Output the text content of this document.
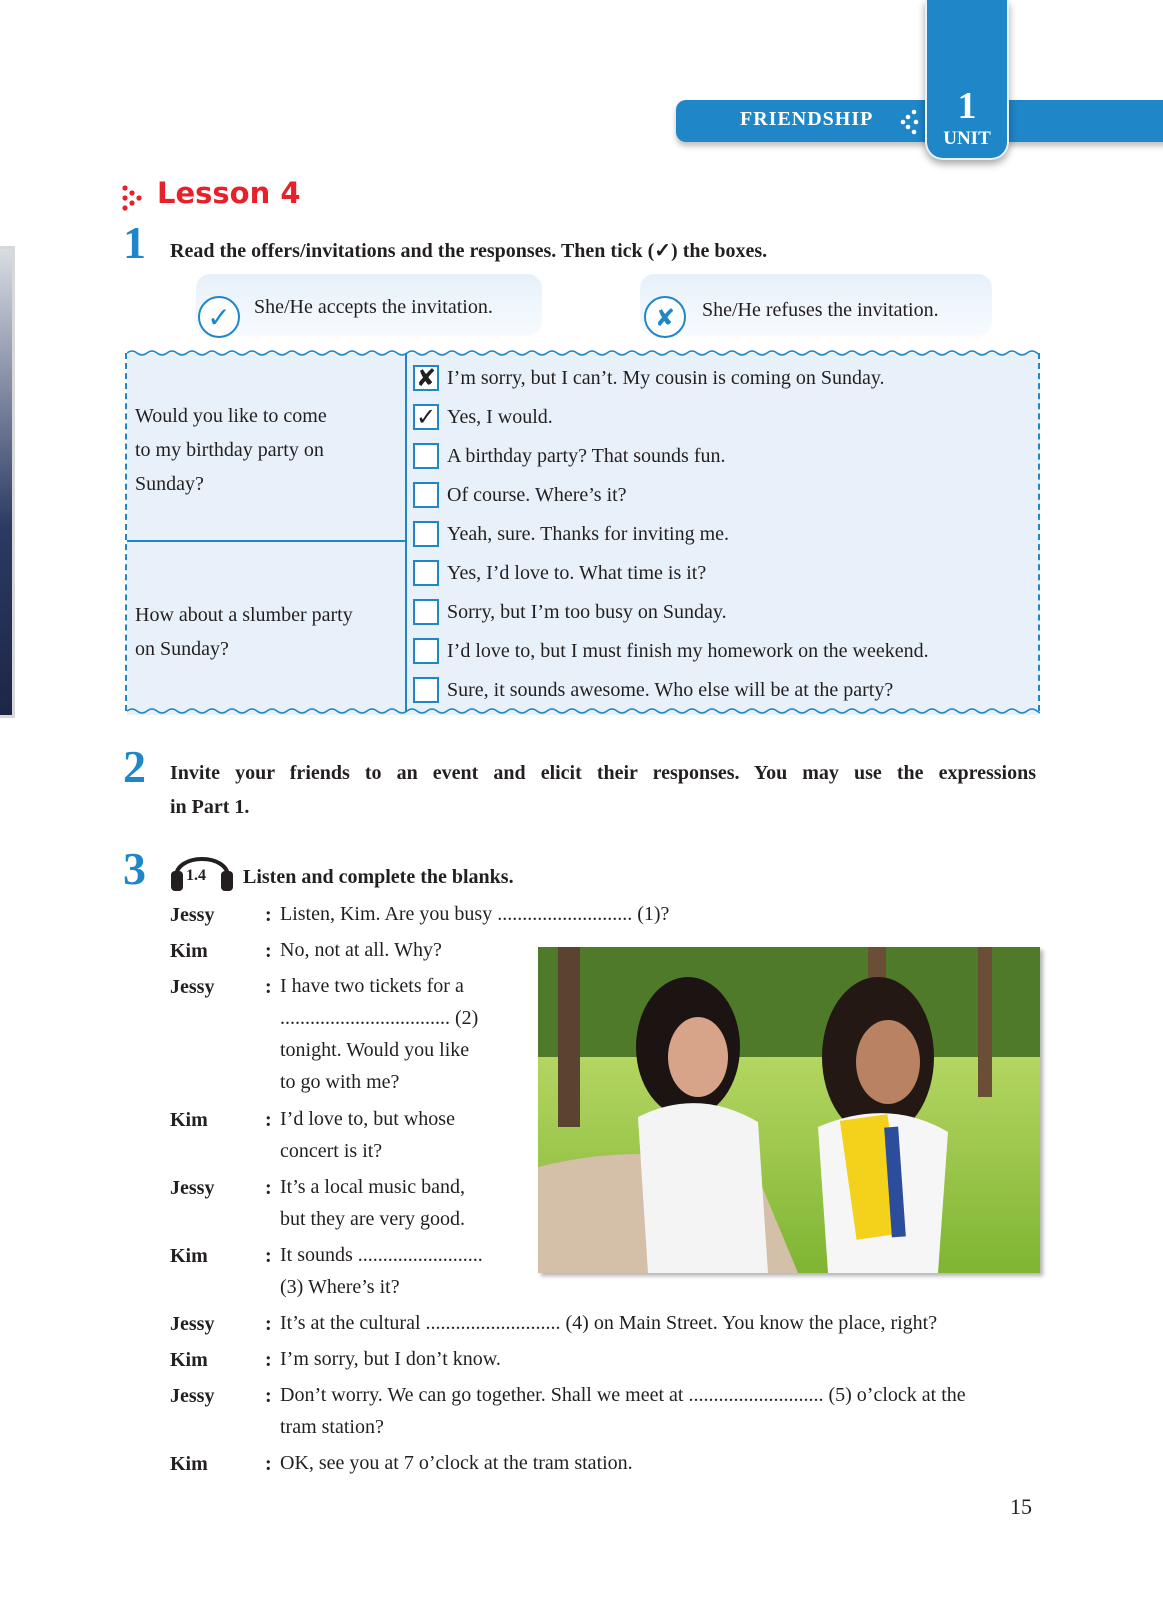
FRIENDSHIP	1
UNIT
Lesson 4
1 Read the offers/invitations and the responses. Then tick (✓) the boxes.
✓	She/He accepts the invitation.	✘	She/He refuses the invitation.
Would you like to come
to my birthday party on
Sunday?
How about a slumber party
on Sunday?
✘ I’m sorry, but I can’t. My cousin is coming on Sunday.
✓ Yes, I would.
A birthday party? That sounds fun.
Of course. Where’s it?
Yeah, sure. Thanks for inviting me.
Yes, I’d love to. What time is it?
Sorry, but I’m too busy on Sunday.
I’d love to, but I must finish my homework on the weekend.
Sure, it sounds awesome. Who else will be at the party?
2 Invite your friends to an event and elicit their responses. You may use the expressions
in Part 1.
3	1.4 Listen and complete the blanks.
Jessy	: Listen, Kim. Are you busy ........................... (1)?
Kim	: No, not at all. Why?
Jessy	: I have two tickets for a
.................................. (2)
tonight. Would you like
to go with me?
Kim	: I’d love to, but whose
concert is it?
Jessy	: It’s a local music band,
but they are very good.
Kim	: It sounds .........................
(3) Where’s it?
Jessy	: It’s at the cultural ........................... (4) on Main Street. You know the place, right?
Kim	: I’m sorry, but I don’t know.
Jessy	: Don’t worry. We can go together. Shall we meet at ........................... (5) o’clock at the
tram station?
Kim	: OK, see you at 7 o’clock at the tram station.
15
